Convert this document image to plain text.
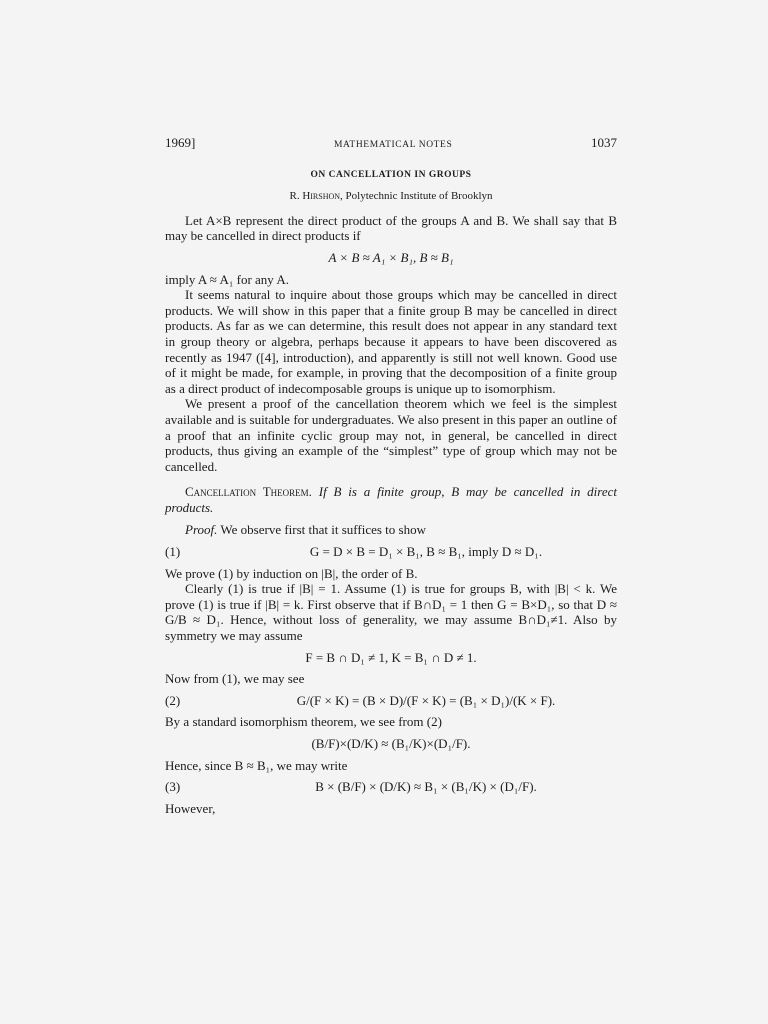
1969]	MATHEMATICAL NOTES	1037
ON CANCELLATION IN GROUPS
R. Hirshon, Polytechnic Institute of Brooklyn

Let A×B represent the direct product of the groups A and B. We shall say that B may be cancelled in direct products if

A × B ≈ A₁ × B₁, B ≈ B₁

imply A ≈ A₁ for any A.

It seems natural to inquire about those groups which may be cancelled in direct products. We will show in this paper that a finite group B may be cancelled in direct products. As far as we can determine, this result does not appear in any standard text in group theory or algebra, perhaps because it appears to have been discovered as recently as 1947 ([4], introduction), and apparently is still not well known. Good use of it might be made, for example, in proving that the decomposition of a finite group as a direct product of indecomposable groups is unique up to isomorphism.

We present a proof of the cancellation theorem which we feel is the simplest available and is suitable for undergraduates. We also present in this paper an outline of a proof that an infinite cyclic group may not, in general, be cancelled in direct products, thus giving an example of the “simplest” type of group which may not be cancelled.

Cancellation Theorem. If B is a finite group, B may be cancelled in direct products.

Proof. We observe first that it suffices to show

(1)	G = D × B = D₁ × B₁, B ≈ B₁, imply D ≈ D₁.

We prove (1) by induction on |B|, the order of B.

Clearly (1) is true if |B| = 1. Assume (1) is true for groups B, with |B| < k. We prove (1) is true if |B| = k. First observe that if B∩D₁ = 1 then G = B×D₁, so that D ≈ G/B ≈ D₁. Hence, without loss of generality, we may assume B∩D₁≠1. Also by symmetry we may assume

F = B ∩ D₁ ≠ 1, K = B₁ ∩ D ≠ 1.

Now from (1), we may see

(2)	G/(F × K) = (B × D)/(F × K) = (B₁ × D₁)/(K × F).

By a standard isomorphism theorem, we see from (2)

(B/F)×(D/K) ≈ (B₁/K)×(D₁/F).

Hence, since B ≈ B₁, we may write

(3)	B × (B/F) × (D/K) ≈ B₁ × (B₁/K) × (D₁/F).

However,
